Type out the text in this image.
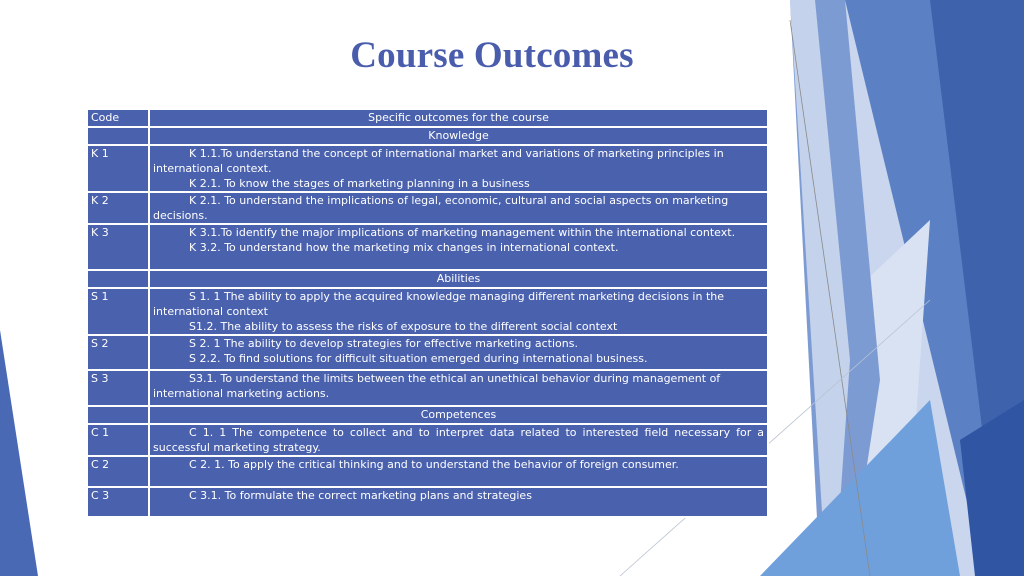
Course Outcomes
Code	Specific outcomes for the course
	Knowledge
K 1	K 1.1.To understand the concept of international market and variations of marketing principles in international context.
K 2.1. To know the stages of marketing planning in a business

K 2	K 2.1. To understand the implications of legal, economic, cultural and social aspects on marketing decisions.

K 3	K 3.1.To identify the major implications of marketing management within the international context.
K 3.2. To understand how the marketing mix changes in international context.

	Abilities
S 1	S 1. 1 The ability to apply the acquired knowledge managing different marketing decisions in the international context
S1.2. The ability to assess the risks of exposure to the different social context

S 2	S 2. 1 The ability to develop strategies for effective marketing actions.
S 2.2. To find solutions for difficult situation emerged during international business.

S 3	S3.1. To understand the limits between the ethical an unethical behavior during management of international marketing actions.

	Competences
C 1	C 1. 1 The competence to collect and to interpret data related to interested field necessary for a successful marketing strategy.

C 2	C 2. 1. To apply the critical thinking and to understand the behavior of foreign consumer.

C 3	C 3.1. To formulate the correct marketing plans and strategies
